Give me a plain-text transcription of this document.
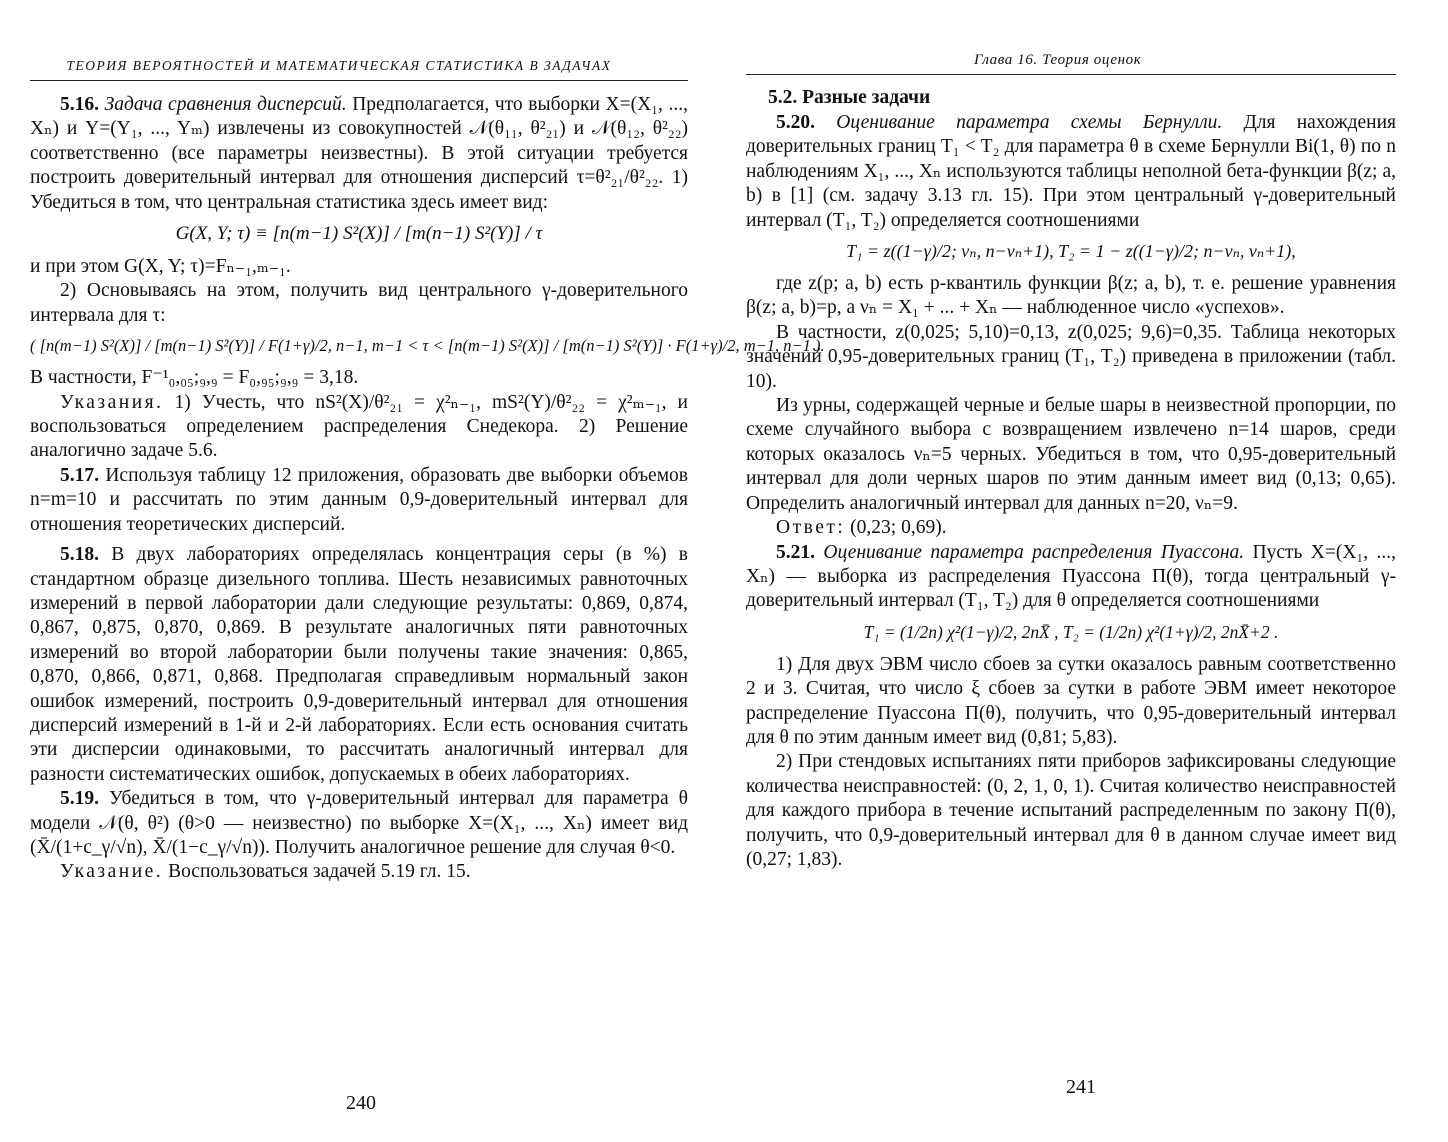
ТЕОРИЯ ВЕРОЯТНОСТЕЙ И МАТЕМАТИЧЕСКАЯ СТАТИСТИКА В ЗАДАЧАХ

5.16. Задача сравнения дисперсий. Предполагается, что выборки X=(X₁, ..., Xₙ) и Y=(Y₁, ..., Yₘ) извлечены из совокупностей 𝒩(θ₁₁, θ²₂₁) и 𝒩(θ₁₂, θ²₂₂) соответственно (все параметры неизвестны). В этой ситуации требуется построить доверительный интервал для отношения дисперсий τ=θ²₂₁/θ²₂₂. 1) Убедиться в том, что центральная статистика здесь имеет вид:

G(X, Y; τ) ≡ [n(m−1) S²(X)] / [m(n−1) S²(Y)] / τ

и при этом G(X, Y; τ)=Fₙ₋₁,ₘ₋₁.

2) Основываясь на этом, получить вид центрального γ-доверительного интервала для τ:

( [n(m−1) S²(X)] / [m(n−1) S²(Y)] / F(1+γ)/2, n−1, m−1 < τ < [n(m−1) S²(X)] / [m(n−1) S²(Y)] · F(1+γ)/2, m−1, n−1 ).

В частности, F⁻¹₀,₀₅;₉,₉ = F₀,₉₅;₉,₉ = 3,18.

Указания. 1) Учесть, что nS²(X)/θ²₂₁ = χ²ₙ₋₁, mS²(Y)/θ²₂₂ = χ²ₘ₋₁, и воспользоваться определением распределения Снедекора. 2) Решение аналогично задаче 5.6.

5.17. Используя таблицу 12 приложения, образовать две выборки объемов n=m=10 и рассчитать по этим данным 0,9-доверительный интервал для отношения теоретических дисперсий.

5.18. В двух лабораториях определялась концентрация серы (в %) в стандартном образце дизельного топлива. Шесть независимых равноточных измерений в первой лаборатории дали следующие результаты: 0,869, 0,874, 0,867, 0,875, 0,870, 0,869. В результате аналогичных пяти равноточных измерений во второй лаборатории были получены такие значения: 0,865, 0,870, 0,866, 0,871, 0,868. Предполагая справедливым нормальный закон ошибок измерений, построить 0,9-доверительный интервал для отношения дисперсий измерений в 1-й и 2-й лабораториях. Если есть основания считать эти дисперсии одинаковыми, то рассчитать аналогичный интервал для разности систематических ошибок, допускаемых в обеих лабораториях.

5.19. Убедиться в том, что γ-доверительный интервал для параметра θ модели 𝒩(θ, θ²) (θ>0 — неизвестно) по выборке X=(X₁, ..., Xₙ) имеет вид (X̄/(1+c_γ/√n), X̄/(1−c_γ/√n)). Получить аналогичное решение для случая θ<0.

Указание. Воспользоваться задачей 5.19 гл. 15.

240
Глава 16. Теория оценок
5.2. Разные задачи

5.20. Оценивание параметра схемы Бернулли. Для нахождения доверительных границ T₁ < T₂ для параметра θ в схеме Бернулли Bi(1, θ) по n наблюдениям X₁, ..., Xₙ используются таблицы неполной бета-функции β(z; a, b) в [1] (см. задачу 3.13 гл. 15). При этом центральный γ-доверительный интервал (T₁, T₂) определяется соотношениями

T₁ = z((1−γ)/2; νₙ, n−νₙ+1), T₂ = 1 − z((1−γ)/2; n−νₙ, νₙ+1),

где z(p; a, b) есть p-квантиль функции β(z; a, b), т. е. решение уравнения β(z; a, b)=p, а νₙ = X₁ + ... + Xₙ — наблюденное число «успехов».

В частности, z(0,025; 5,10)=0,13, z(0,025; 9,6)=0,35. Таблица некоторых значений 0,95-доверительных границ (T₁, T₂) приведена в приложении (табл. 10).

Из урны, содержащей черные и белые шары в неизвестной пропорции, по схеме случайного выбора с возвращением извлечено n=14 шаров, среди которых оказалось νₙ=5 черных. Убедиться в том, что 0,95-доверительный интервал для доли черных шаров по этим данным имеет вид (0,13; 0,65). Определить аналогичный интервал для данных n=20, νₙ=9.

Ответ: (0,23; 0,69).

5.21. Оценивание параметра распределения Пуассона. Пусть X=(X₁, ..., Xₙ) — выборка из распределения Пуассона Π(θ), тогда центральный γ-доверительный интервал (T₁, T₂) для θ определяется соотношениями

T₁ = (1/2n) χ²(1−γ)/2, 2nX̄ , T₂ = (1/2n) χ²(1+γ)/2, 2nX̄+2 .

1) Для двух ЭВМ число сбоев за сутки оказалось равным соответственно 2 и 3. Считая, что число ξ сбоев за сутки в работе ЭВМ имеет некоторое распределение Пуассона Π(θ), получить, что 0,95-доверительный интервал для θ по этим данным имеет вид (0,81; 5,83).

2) При стендовых испытаниях пяти приборов зафиксированы следующие количества неисправностей: (0, 2, 1, 0, 1). Считая количество неисправностей для каждого прибора в течение испытаний распределенным по закону Π(θ), получить, что 0,9-доверительный интервал для θ в данном случае имеет вид (0,27; 1,83).

241
